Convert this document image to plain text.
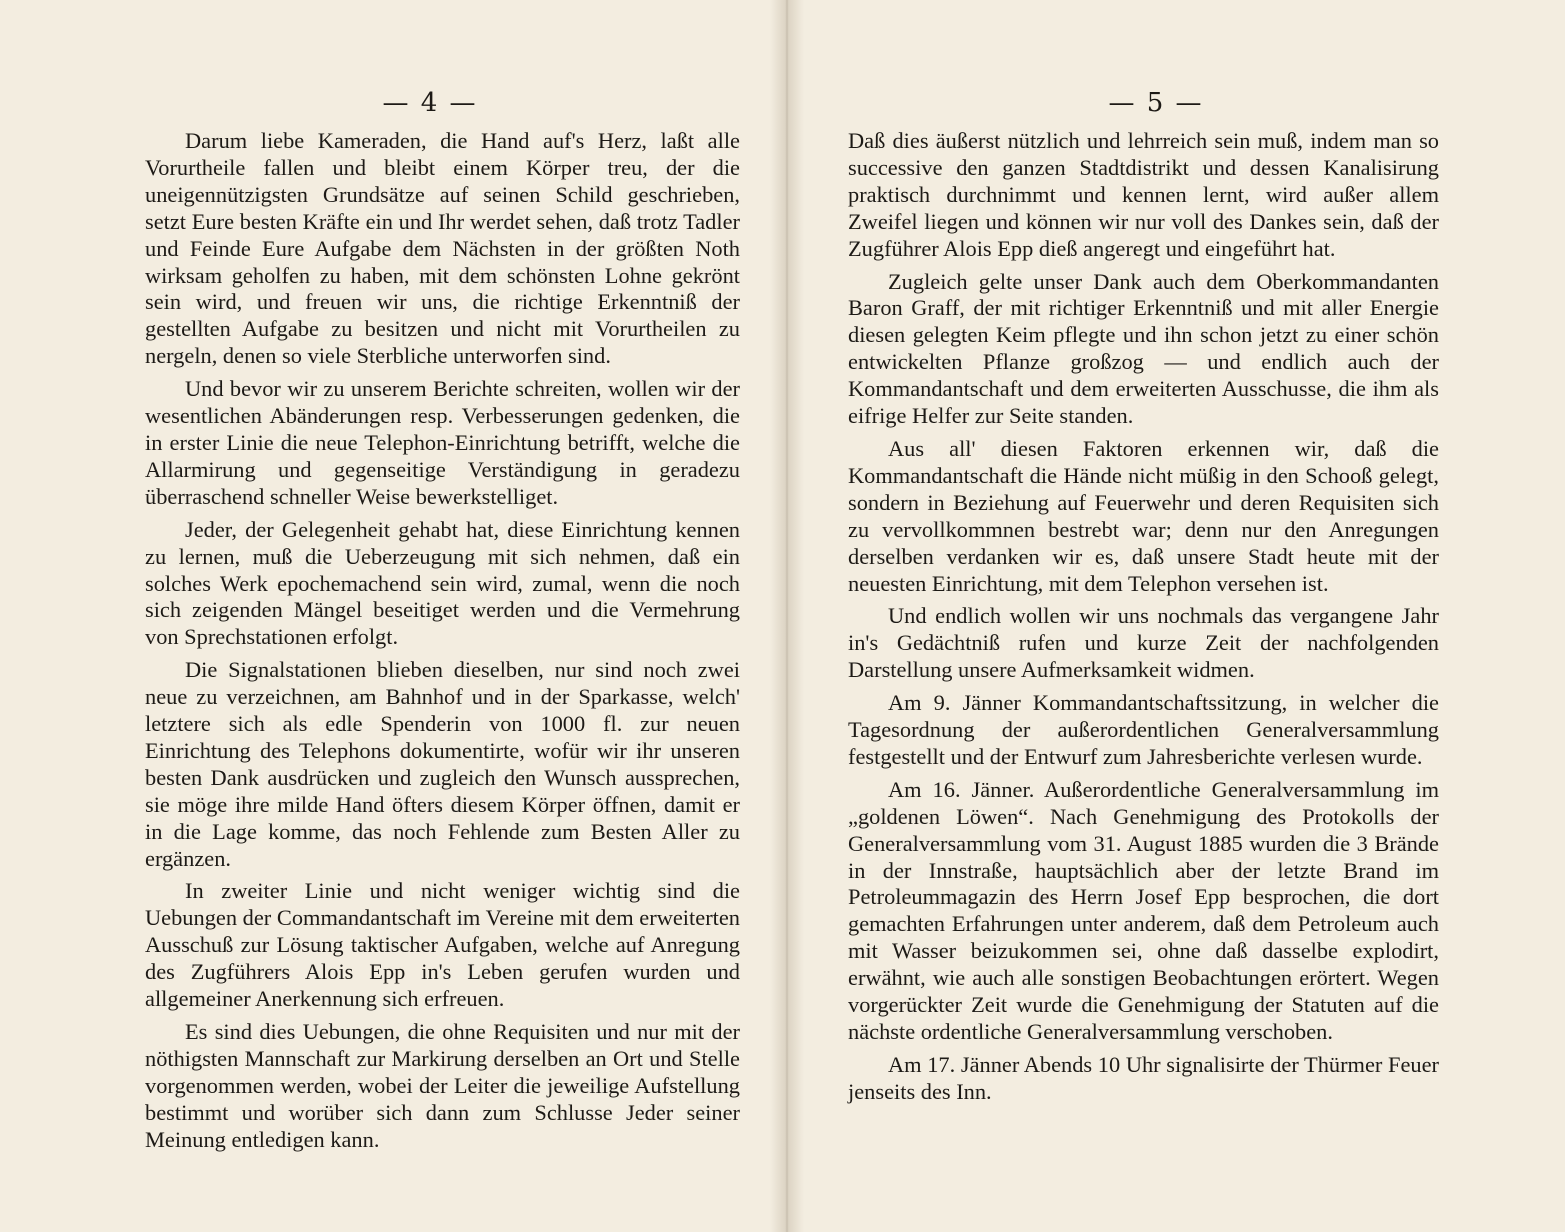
— 4 —

Darum liebe Kameraden, die Hand auf's Herz, laßt alle Vorurtheile fallen und bleibt einem Körper treu, der die uneigennützigsten Grundsätze auf seinen Schild geschrieben, setzt Eure besten Kräfte ein und Ihr werdet sehen, daß trotz Tadler und Feinde Eure Aufgabe dem Nächsten in der größten Noth wirksam geholfen zu haben, mit dem schönsten Lohne gekrönt sein wird, und freuen wir uns, die richtige Erkenntniß der gestellten Aufgabe zu besitzen und nicht mit Vorurtheilen zu nergeln, denen so viele Sterbliche unterworfen sind.

Und bevor wir zu unserem Berichte schreiten, wollen wir der wesentlichen Abänderungen resp. Verbesserungen gedenken, die in erster Linie die neue Telephon-Einrichtung betrifft, welche die Allarmirung und gegenseitige Verständigung in geradezu überraschend schneller Weise bewerkstelliget.

Jeder, der Gelegenheit gehabt hat, diese Einrichtung kennen zu lernen, muß die Ueberzeugung mit sich nehmen, daß ein solches Werk epochemachend sein wird, zumal, wenn die noch sich zeigenden Mängel beseitiget werden und die Vermehrung von Sprechstationen erfolgt.

Die Signalstationen blieben dieselben, nur sind noch zwei neue zu verzeichnen, am Bahnhof und in der Sparkasse, welch' letztere sich als edle Spenderin von 1000 fl. zur neuen Einrichtung des Telephons dokumentirte, wofür wir ihr unseren besten Dank ausdrücken und zugleich den Wunsch aussprechen, sie möge ihre milde Hand öfters diesem Körper öffnen, damit er in die Lage komme, das noch Fehlende zum Besten Aller zu ergänzen.

In zweiter Linie und nicht weniger wichtig sind die Uebungen der Commandantschaft im Vereine mit dem erweiterten Ausschuß zur Lösung taktischer Aufgaben, welche auf Anregung des Zugführers Alois Epp in's Leben gerufen wurden und allgemeiner Anerkennung sich erfreuen.

Es sind dies Uebungen, die ohne Requisiten und nur mit der nöthigsten Mannschaft zur Markirung derselben an Ort und Stelle vorgenommen werden, wobei der Leiter die jeweilige Aufstellung bestimmt und worüber sich dann zum Schlusse Jeder seiner Meinung entledigen kann.

— 5 —

Daß dies äußerst nützlich und lehrreich sein muß, indem man so successive den ganzen Stadtdistrikt und dessen Kanalisirung praktisch durchnimmt und kennen lernt, wird außer allem Zweifel liegen und können wir nur voll des Dankes sein, daß der Zugführer Alois Epp dieß angeregt und eingeführt hat.

Zugleich gelte unser Dank auch dem Oberkommandanten Baron Graff, der mit richtiger Erkenntniß und mit aller Energie diesen gelegten Keim pflegte und ihn schon jetzt zu einer schön entwickelten Pflanze großzog — und endlich auch der Kommandantschaft und dem erweiterten Ausschusse, die ihm als eifrige Helfer zur Seite standen.

Aus all' diesen Faktoren erkennen wir, daß die Kommandantschaft die Hände nicht müßig in den Schooß gelegt, sondern in Beziehung auf Feuerwehr und deren Requisiten sich zu vervollkommnen bestrebt war; denn nur den Anregungen derselben verdanken wir es, daß unsere Stadt heute mit der neuesten Einrichtung, mit dem Telephon versehen ist.

Und endlich wollen wir uns nochmals das vergangene Jahr in's Gedächtniß rufen und kurze Zeit der nachfolgenden Darstellung unsere Aufmerksamkeit widmen.

Am 9. Jänner Kommandantschaftssitzung, in welcher die Tagesordnung der außerordentlichen Generalversammlung festgestellt und der Entwurf zum Jahresberichte verlesen wurde.

Am 16. Jänner. Außerordentliche Generalversammlung im „goldenen Löwen“. Nach Genehmigung des Protokolls der Generalversammlung vom 31. August 1885 wurden die 3 Brände in der Innstraße, hauptsächlich aber der letzte Brand im Petroleummagazin des Herrn Josef Epp besprochen, die dort gemachten Erfahrungen unter anderem, daß dem Petroleum auch mit Wasser beizukommen sei, ohne daß dasselbe explodirt, erwähnt, wie auch alle sonstigen Beobachtungen erörtert. Wegen vorgerückter Zeit wurde die Genehmigung der Statuten auf die nächste ordentliche Generalversammlung verschoben.

Am 17. Jänner Abends 10 Uhr signalisirte der Thürmer Feuer jenseits des Inn.
